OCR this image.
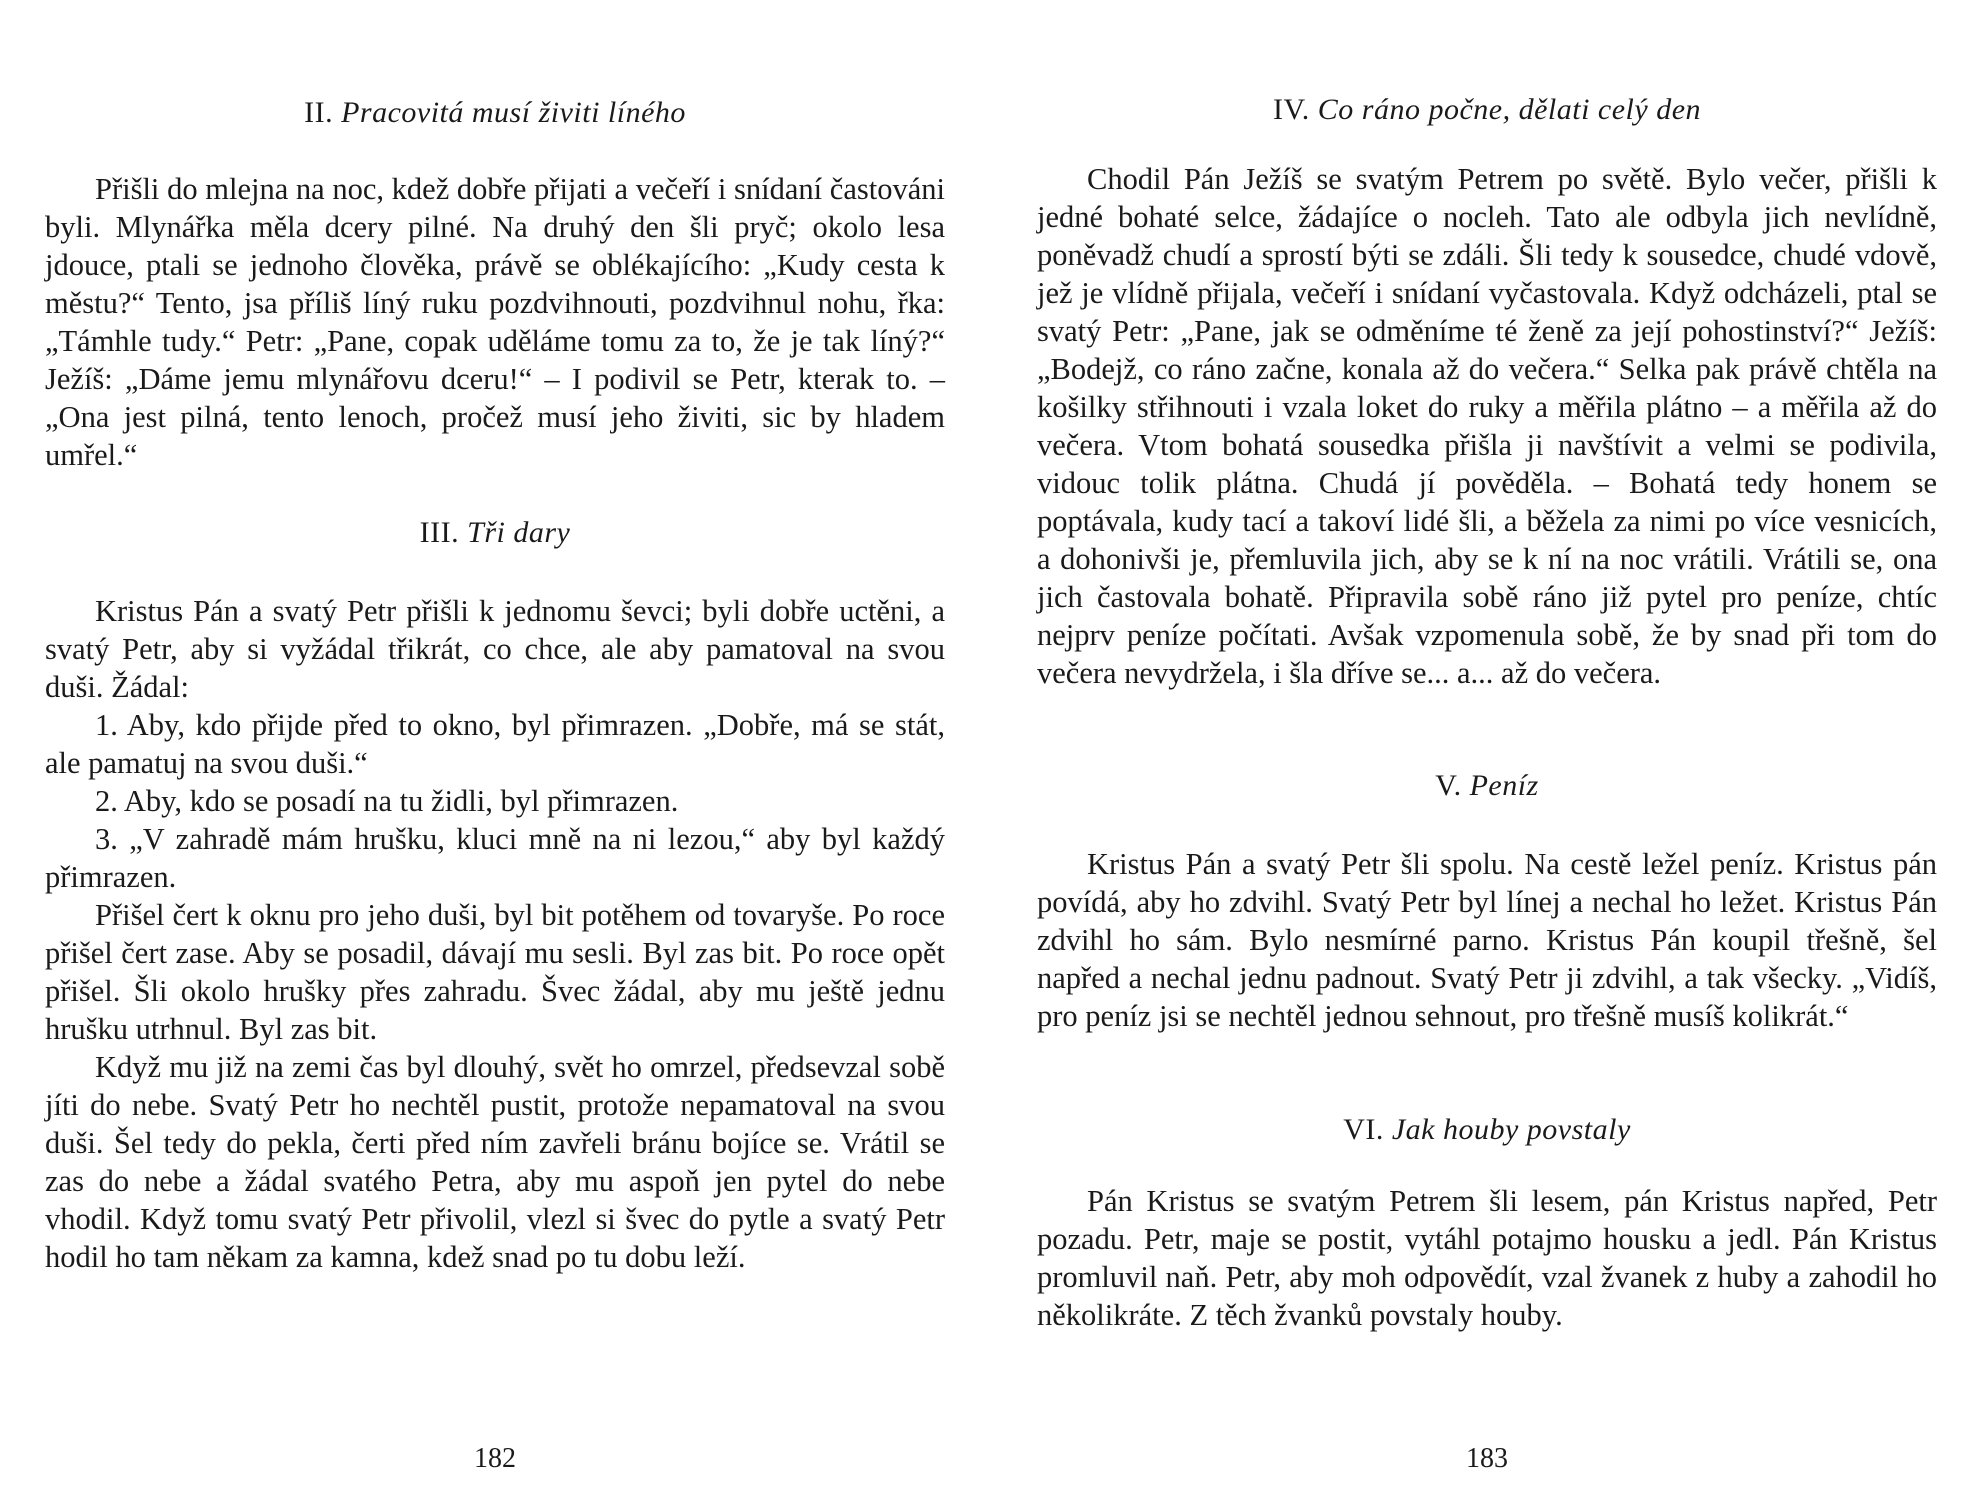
II. Pracovitá musí živiti líného

Přišli do mlejna na noc, kdež dobře přijati a večeří i snídaní častováni byli. Mlynářka měla dcery pilné. Na druhý den šli pryč; okolo lesa jdouce, ptali se jednoho člověka, právě se oblékajícího: „Kudy cesta k městu?“ Tento, jsa příliš líný ruku pozdvihnouti, pozdvihnul nohu, řka: „Támhle tudy.“ Petr: „Pane, copak uděláme tomu za to, že je tak líný?“ Ježíš: „Dáme jemu mlynářovu dceru!“ – I podivil se Petr, kterak to. – „Ona jest pilná, tento lenoch, pročež musí jeho živiti, sic by hladem umřel.“

III. Tři dary

Kristus Pán a svatý Petr přišli k jednomu ševci; byli dobře uctěni, a svatý Petr, aby si vyžádal třikrát, co chce, ale aby pamatoval na svou duši. Žádal:

1. Aby, kdo přijde před to okno, byl přimrazen. „Dobře, má se stát, ale pamatuj na svou duši.“

2. Aby, kdo se posadí na tu židli, byl přimrazen.

3. „V zahradě mám hrušku, kluci mně na ni lezou,“ aby byl každý přimrazen.

Přišel čert k oknu pro jeho duši, byl bit potěhem od tovaryše. Po roce přišel čert zase. Aby se posadil, dávají mu sesli. Byl zas bit. Po roce opět přišel. Šli okolo hrušky přes zahradu. Švec žádal, aby mu ještě jednu hrušku utrhnul. Byl zas bit.

Když mu již na zemi čas byl dlouhý, svět ho omrzel, předsevzal sobě jíti do nebe. Svatý Petr ho nechtěl pustit, protože nepamatoval na svou duši. Šel tedy do pekla, čerti před ním zavřeli bránu bojíce se. Vrátil se zas do nebe a žádal svatého Petra, aby mu aspoň jen pytel do nebe vhodil. Když tomu svatý Petr přivolil, vlezl si švec do pytle a svatý Petr hodil ho tam někam za kamna, kdež snad po tu dobu leží.

182
IV. Co ráno počne, dělati celý den

Chodil Pán Ježíš se svatým Petrem po světě. Bylo večer, přišli k jedné bohaté selce, žádajíce o nocleh. Tato ale odbyla jich nevlídně, poněvadž chudí a sprostí býti se zdáli. Šli tedy k sousedce, chudé vdově, jež je vlídně přijala, večeří i snídaní vyčastovala. Když odcházeli, ptal se svatý Petr: „Pane, jak se odměníme té ženě za její pohostinství?“ Ježíš: „Bodejž, co ráno začne, konala až do večera.“ Selka pak právě chtěla na košilky střihnouti i vzala loket do ruky a měřila plátno – a měřila až do večera. Vtom bohatá sousedka přišla ji navštívit a velmi se podivila, vidouc tolik plátna. Chudá jí pověděla. – Bohatá tedy honem se poptávala, kudy tací a takoví lidé šli, a běžela za nimi po více vesnicích, a dohonivši je, přemluvila jich, aby se k ní na noc vrátili. Vrátili se, ona jich častovala bohatě. Připravila sobě ráno již pytel pro peníze, chtíc nejprv peníze počítati. Avšak vzpomenula sobě, že by snad při tom do večera nevydržela, i šla dříve se... a... až do večera.

V. Peníz

Kristus Pán a svatý Petr šli spolu. Na cestě ležel peníz. Kristus pán povídá, aby ho zdvihl. Svatý Petr byl línej a nechal ho ležet. Kristus Pán zdvihl ho sám. Bylo nesmírné parno. Kristus Pán koupil třešně, šel napřed a nechal jednu padnout. Svatý Petr ji zdvihl, a tak všecky. „Vidíš, pro peníz jsi se nechtěl jednou sehnout, pro třešně musíš kolikrát.“

VI. Jak houby povstaly

Pán Kristus se svatým Petrem šli lesem, pán Kristus napřed, Petr pozadu. Petr, maje se postit, vytáhl potajmo housku a jedl. Pán Kristus promluvil naň. Petr, aby moh odpovědít, vzal žvanek z huby a zahodil ho několikráte. Z těch žvanků povstaly houby.

183
